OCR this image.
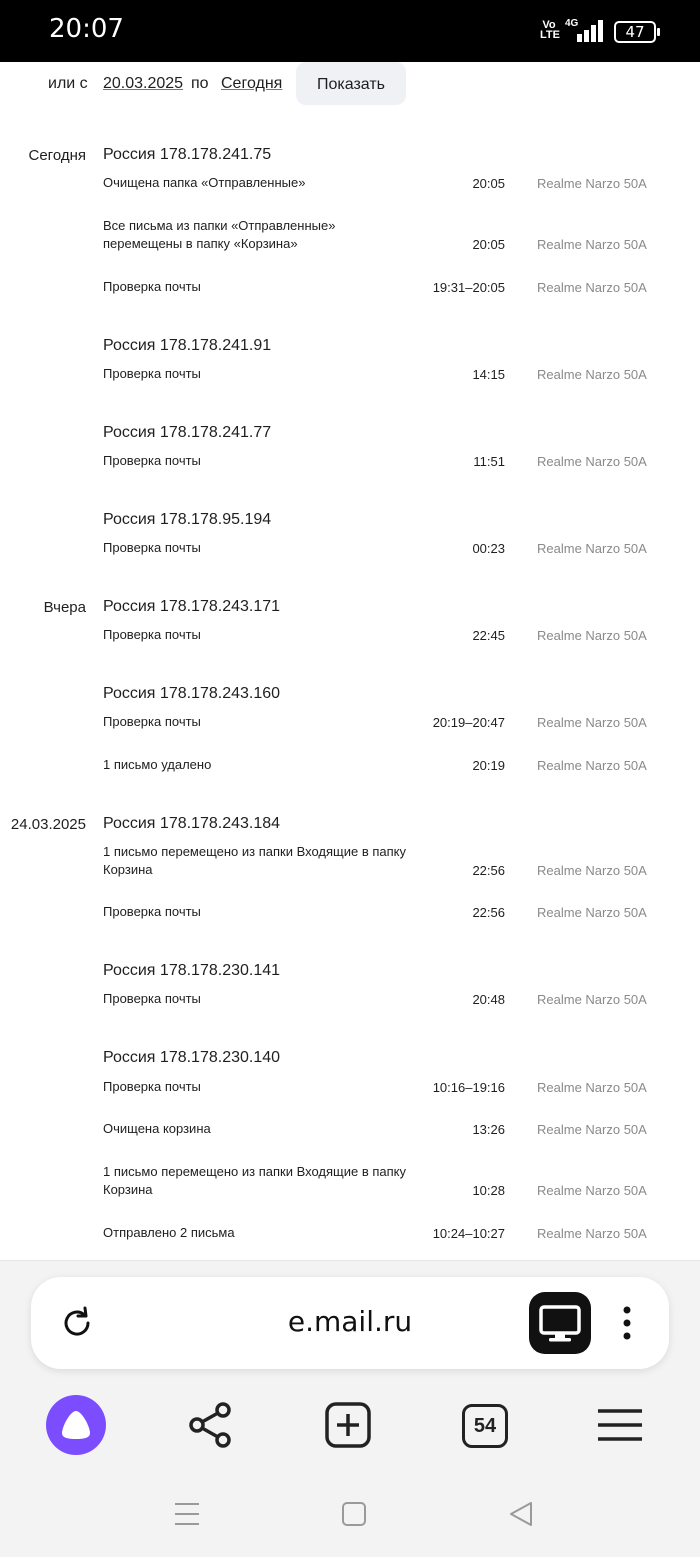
20:07	Vo
LTE
4G	47
или с 20.03.2025 по Сегодня	Показать
Сегодня Россия 178.178.241.75
Очищена папка «Отправленные»	20:05 Realme Narzo 50A
Все письма из папки «Отправленные» перемещены в папку «Корзина»	20:05 Realme Narzo 50A
Проверка почты	19:31–20:05 Realme Narzo 50A
Россия 178.178.241.91
Проверка почты	14:15 Realme Narzo 50A
Россия 178.178.241.77
Проверка почты	11:51 Realme Narzo 50A
Россия 178.178.95.194
Проверка почты	00:23 Realme Narzo 50A
Вчера Россия 178.178.243.171
Проверка почты	22:45 Realme Narzo 50A
Россия 178.178.243.160
Проверка почты	20:19–20:47 Realme Narzo 50A
1 письмо удалено	20:19 Realme Narzo 50A
24.03.2025 Россия 178.178.243.184
1 письмо перемещено из папки Входящие в папку Корзина	22:56 Realme Narzo 50A
Проверка почты	22:56 Realme Narzo 50A
Россия 178.178.230.141
Проверка почты	20:48 Realme Narzo 50A
Россия 178.178.230.140
Проверка почты	10:16–19:16 Realme Narzo 50A
Очищена корзина	13:26 Realme Narzo 50A
1 письмо перемещено из папки Входящие в папку Корзина	10:28 Realme Narzo 50A
Отправлено 2 письма	10:24–10:27 Realme Narzo 50A
e.mail.ru
54
